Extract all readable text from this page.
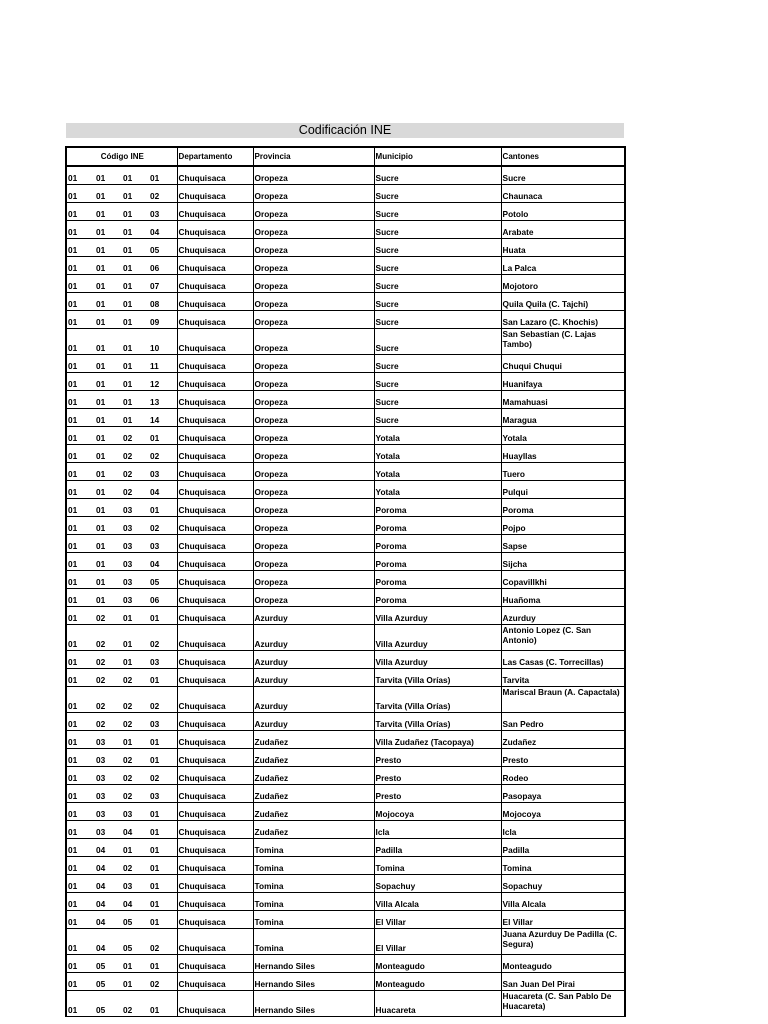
Codificación INE
Código INE				Departamento	Provincia	Municipio	Cantones
01	01	01	01	Chuquisaca	Oropeza	Sucre	Sucre
01	01	01	02	Chuquisaca	Oropeza	Sucre	Chaunaca
01	01	01	03	Chuquisaca	Oropeza	Sucre	Potolo
01	01	01	04	Chuquisaca	Oropeza	Sucre	Arabate
01	01	01	05	Chuquisaca	Oropeza	Sucre	Huata
01	01	01	06	Chuquisaca	Oropeza	Sucre	La Palca
01	01	01	07	Chuquisaca	Oropeza	Sucre	Mojotoro
01	01	01	08	Chuquisaca	Oropeza	Sucre	Quila Quila (C. Tajchi)
01	01	01	09	Chuquisaca	Oropeza	Sucre	San Lazaro (C. Khochis)
01	01	01	10	Chuquisaca	Oropeza	Sucre	San Sebastian (C. Lajas Tambo)
01	01	01	11	Chuquisaca	Oropeza	Sucre	Chuqui Chuqui
01	01	01	12	Chuquisaca	Oropeza	Sucre	Huanifaya
01	01	01	13	Chuquisaca	Oropeza	Sucre	Mamahuasi
01	01	01	14	Chuquisaca	Oropeza	Sucre	Maragua
01	01	02	01	Chuquisaca	Oropeza	Yotala	Yotala
01	01	02	02	Chuquisaca	Oropeza	Yotala	Huayllas
01	01	02	03	Chuquisaca	Oropeza	Yotala	Tuero
01	01	02	04	Chuquisaca	Oropeza	Yotala	Pulqui
01	01	03	01	Chuquisaca	Oropeza	Poroma	Poroma
01	01	03	02	Chuquisaca	Oropeza	Poroma	Pojpo
01	01	03	03	Chuquisaca	Oropeza	Poroma	Sapse
01	01	03	04	Chuquisaca	Oropeza	Poroma	Sijcha
01	01	03	05	Chuquisaca	Oropeza	Poroma	Copavillkhi
01	01	03	06	Chuquisaca	Oropeza	Poroma	Huañoma
01	02	01	01	Chuquisaca	Azurduy	Villa Azurduy	Azurduy
01	02	01	02	Chuquisaca	Azurduy	Villa Azurduy	Antonio Lopez (C. San Antonio)
01	02	01	03	Chuquisaca	Azurduy	Villa Azurduy	Las Casas (C. Torrecillas)
01	02	02	01	Chuquisaca	Azurduy	Tarvita (Villa Orías)	Tarvita
01	02	02	02	Chuquisaca	Azurduy	Tarvita (Villa Orías)	Mariscal Braun (A. Capactala)
01	02	02	03	Chuquisaca	Azurduy	Tarvita (Villa Orías)	San Pedro
01	03	01	01	Chuquisaca	Zudañez	Villa Zudañez (Tacopaya)	Zudañez
01	03	02	01	Chuquisaca	Zudañez	Presto	Presto
01	03	02	02	Chuquisaca	Zudañez	Presto	Rodeo
01	03	02	03	Chuquisaca	Zudañez	Presto	Pasopaya
01	03	03	01	Chuquisaca	Zudañez	Mojocoya	Mojocoya
01	03	04	01	Chuquisaca	Zudañez	Icla	Icla
01	04	01	01	Chuquisaca	Tomina	Padilla	Padilla
01	04	02	01	Chuquisaca	Tomina	Tomina	Tomina
01	04	03	01	Chuquisaca	Tomina	Sopachuy	Sopachuy
01	04	04	01	Chuquisaca	Tomina	Villa Alcala	Villa Alcala
01	04	05	01	Chuquisaca	Tomina	El Villar	El Villar
01	04	05	02	Chuquisaca	Tomina	El Villar	Juana Azurduy De Padilla (C. Segura)
01	05	01	01	Chuquisaca	Hernando Siles	Monteagudo	Monteagudo
01	05	01	02	Chuquisaca	Hernando Siles	Monteagudo	San Juan Del Pirai
01	05	02	01	Chuquisaca	Hernando Siles	Huacareta	Huacareta (C. San Pablo De Huacareta)
